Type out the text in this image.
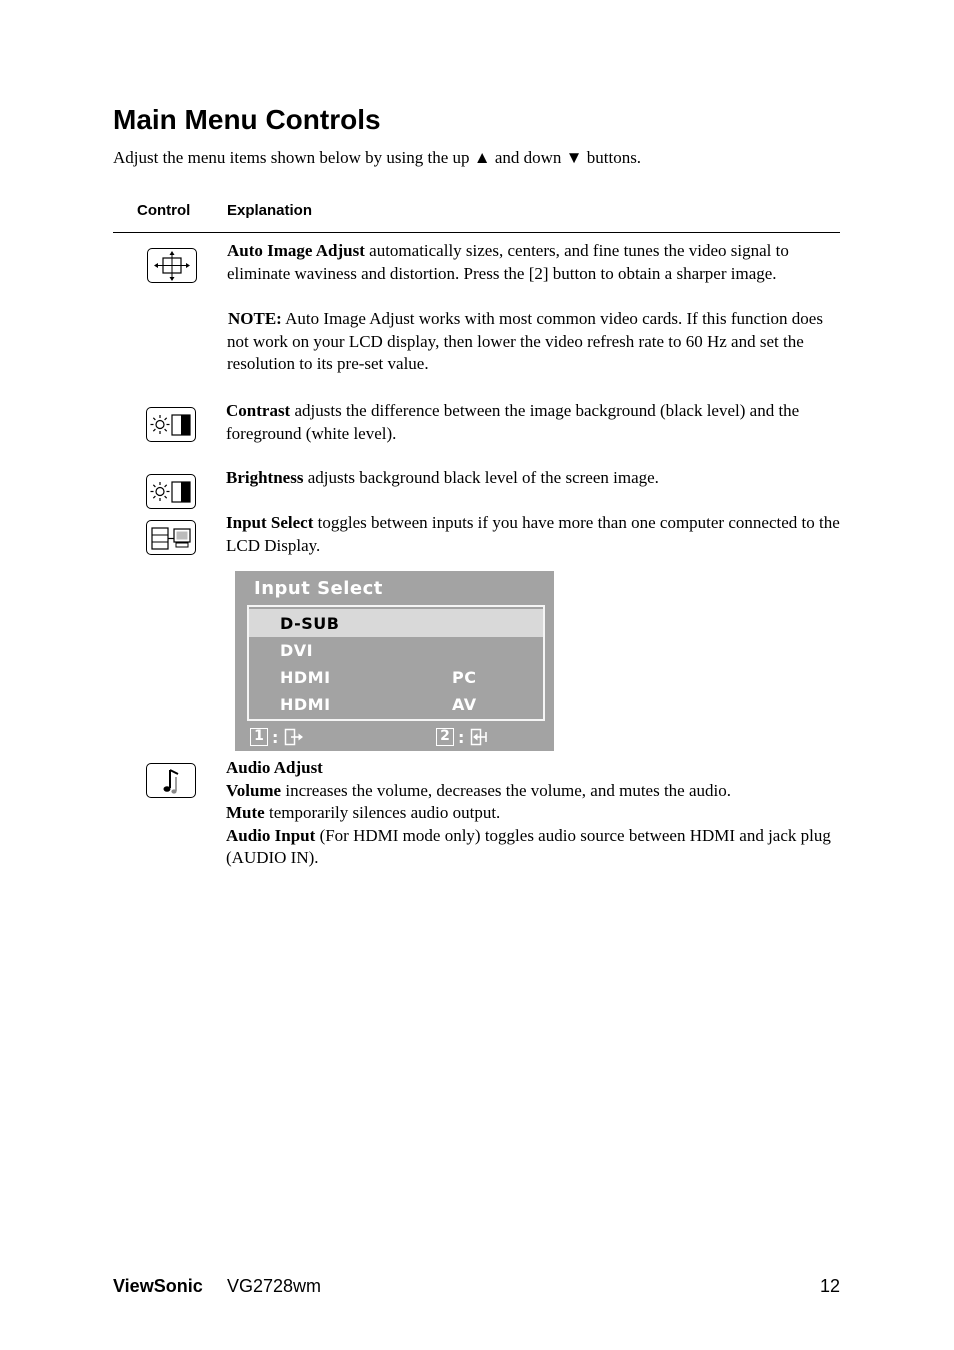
Main Menu Controls
Adjust the menu items shown below by using the up ▲ and down ▼ buttons.
Control Explanation
Auto Image Adjust automatically sizes, centers, and fine tunes the video signal to eliminate waviness and distortion. Press the [2] button to obtain a sharper image.
NOTE: Auto Image Adjust works with most common video cards. If this function does not work on your LCD display, then lower the video refresh rate to 60 Hz and set the resolution to its pre-set value.
Contrast adjusts the difference between the image background (black level) and the foreground (white level).
Brightness adjusts background black level of the screen image.
Input Select toggles between inputs if you have more than one computer connected to the LCD Display.
Input Select
D-SUB
DVI
HDMI	PC
HDMI	AV
1 :	2 :
Audio Adjust
Volume increases the volume, decreases the volume, and mutes the audio.
Mute temporarily silences audio output.
Audio Input (For HDMI mode only) toggles audio source between HDMI and jack plug (AUDIO IN).
ViewSonic VG2728wm	12
